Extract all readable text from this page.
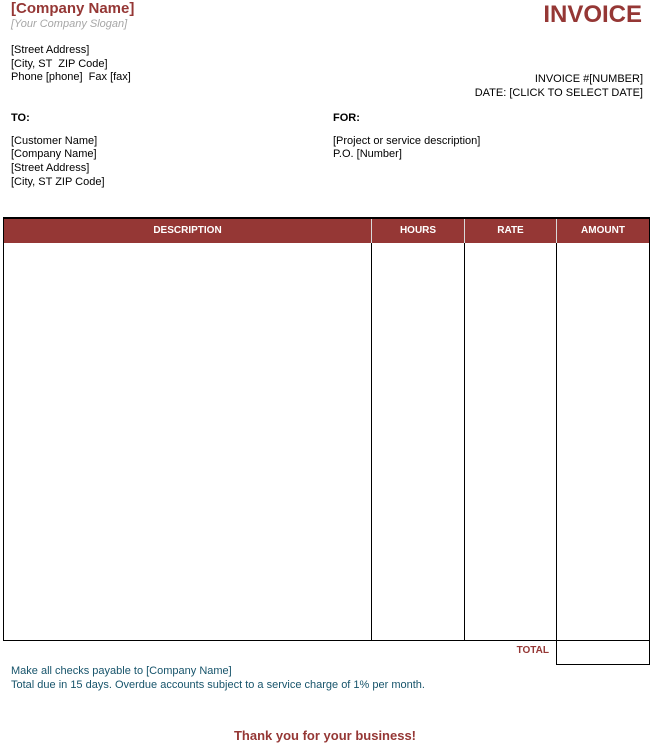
[Company Name]
[Your Company Slogan]	INVOICE
[Street Address]
[City, ST  ZIP Code]
Phone [phone]  Fax [fax]	INVOICE #[NUMBER]
DATE: [CLICK TO SELECT DATE]
TO:
[Customer Name]
[Company Name]
[Street Address]
[City, ST ZIP Code]
FOR:
[Project or service description]
P.O. [Number]
DESCRIPTION	HOURS	RATE	AMOUNT
TOTAL
Make all checks payable to [Company Name]
Total due in 15 days. Overdue accounts subject to a service charge of 1% per month.
Thank you for your business!
